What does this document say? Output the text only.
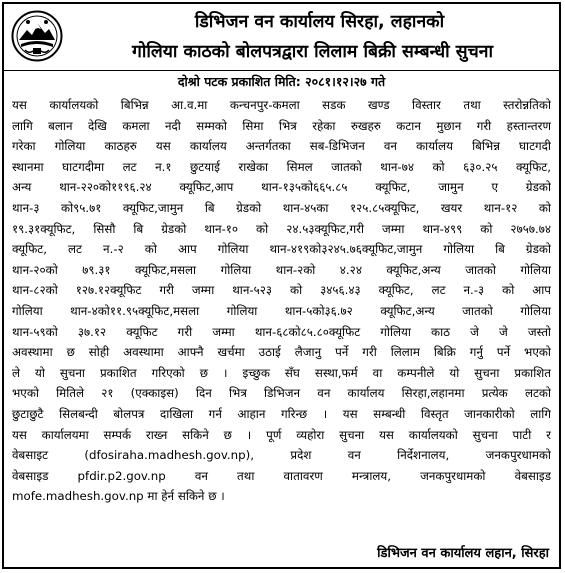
डिभिजन वन कार्यालय सिरहा, लहानको
गोलिया काठको बोलपत्रद्वारा लिलाम बिक्री सम्बन्धी सुचना
दोश्रो पटक प्रकाशित मिति: २०८१।१२।२७ गते
यस कार्यालयको बिभिन्न आ.व.मा कन्चनपुर-कमला सडक खण्ड विस्तार तथा स्तरोन्नतिको
लागि बलान देखि कमला नदी सम्मको सिमा भित्र रहेका रुखहरु कटान मुछान गरी हस्तान्तरण
गरेका गोलिया काठहरु यस कार्यालय अन्तर्गतका सब-डिभिजन वन कार्यालय बिभिन्न घाटगदी
स्थानमा घाटगदीमा लट न.१ छुटयाई राखेका सिमल जातको थान-७४ को ६३०.२५ क्यूफिट,
अन्य थान-२२०को११९६.२४ क्यूफिट,आप थान-१३५को६६५.८५ क्यूफिट, जामुन ए ग्रेडको
थान-३ को९५.७१ क्यूफिट,जामुन बि ग्रेडको थान-४५का १२५.८५क्यूफिट, खयर थान-१२ को
१९.३१क्यूफिट, सिसौ बि ग्रेडको थान-१० को २४.५३क्यूफिट,गरी जम्मा थान-४९९ को २७५७.७४
क्यूफिट, लट न.-२ को आप गोलिया थान-४१९को३२४५.७६क्यूफिट,जामुन गोलिया बि ग्रेडको
थान-२०को ७९.३१ क्यूफिट,मसला गोलिया थान-२को ४.२४ क्यूफिट,अन्य जातको गोलिया
थान-८२को १२७.१२क्यूफिट गरी जम्मा थान-५२३ को ३४५६.४३ क्यूफिट, लट न.-३ को आप
गोलिया थान-४को११.९५क्यूफिट,मसला गोलिया थान-५को३६.७२ क्यूफिट,अन्य जातको गोलिया
थान-५९को ३७.१२ क्यूफिट गरी जम्मा थान-६८को८५.८०क्यूफिट गोलिया काठ जे जे जस्तो
अवस्थामा छ सोही अवस्थामा आफ्नै खर्चमा उठाई लैजानु पर्ने गरी लिलाम बिक्रि गर्नु पर्ने भएको
ले यो सुचना प्रकाशित गरिएको छ । इच्छुक सँघ सस्था,फर्म वा कम्पनीले यो सुचना प्रकाशित
भएको मितिले २१ (एक्काइस) दिन भित्र डिभिजन वन कार्यालय सिरहा,लहानमा प्रत्येक लटको
छुटाछुटै सिलबन्दी बोलपत्र दाखिला गर्न आहान गरिन्छ । यस सम्बन्धी विस्तृत जानकारीको लागि
यस कार्यालयमा सम्पर्क राख्न सकिने छ । पूर्ण व्यहोरा सुचना यस कार्यालयको सुचना पाटी र
वेबसाइट (dfosiraha.madhesh.gov.np), प्रदेश वन निर्देशनालय, जनकपुरधामको
वेबसाइड pfdir.p2.gov.np वन तथा वातावरण मन्त्रालय, जनकपुरधामको वेबसाइड
mofe.madhesh.gov.np मा हेर्न सकिने छ ।
डिभिजन वन कार्यालय लहान, सिरहा
